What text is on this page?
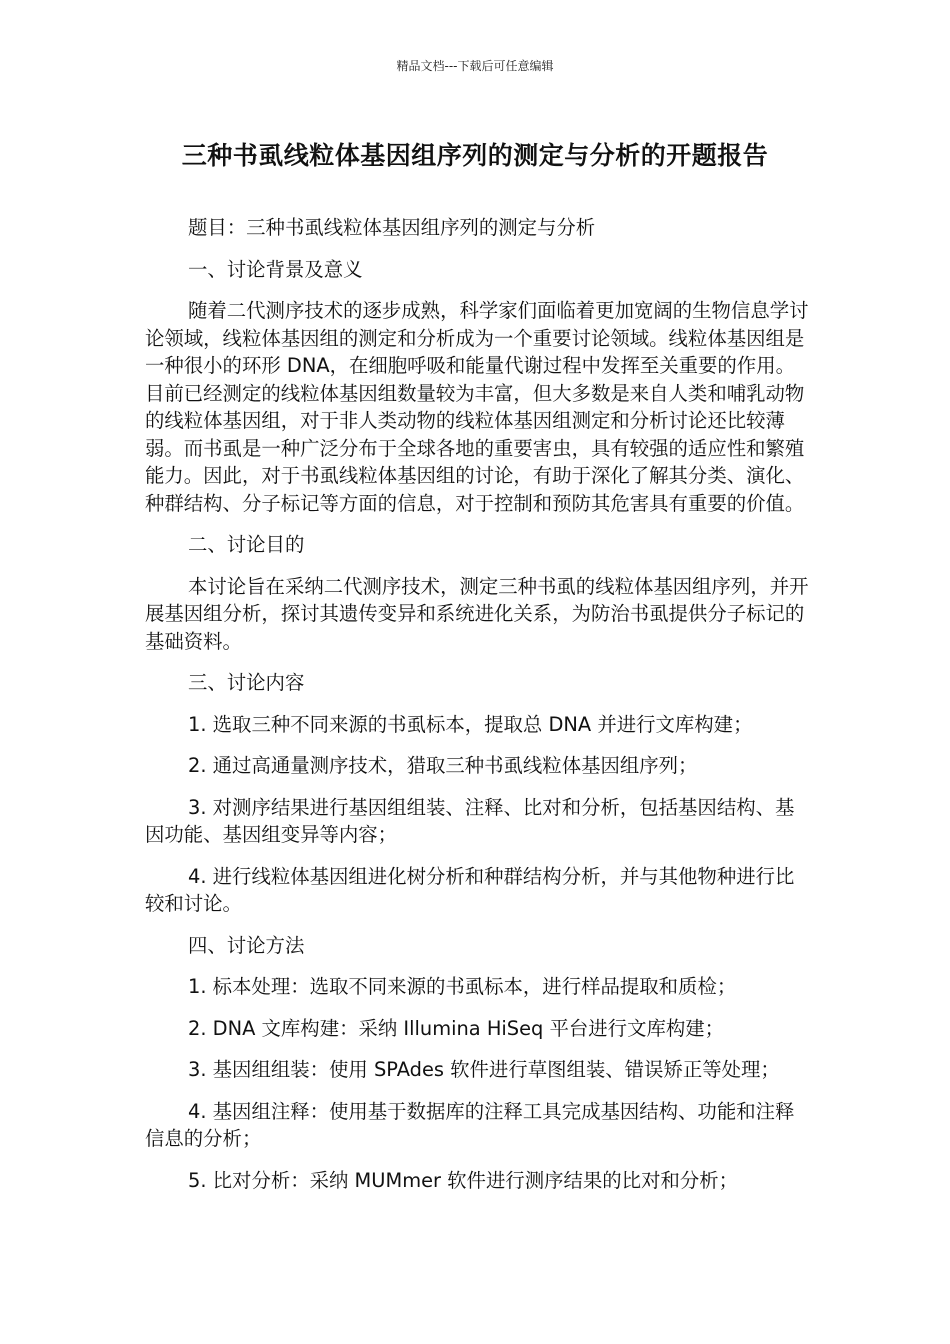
精品文档---下载后可任意编辑
三种书虱线粒体基因组序列的测定与分析的开题报告

题目：三种书虱线粒体基因组序列的测定与分析

一、讨论背景及意义

随着二代测序技术的逐步成熟，科学家们面临着更加宽阔的生物信息学讨论领域，线粒体基因组的测定和分析成为一个重要讨论领域。线粒体基因组是一种很小的环形 DNA，在细胞呼吸和能量代谢过程中发挥至关重要的作用。目前已经测定的线粒体基因组数量较为丰富，但大多数是来自人类和哺乳动物的线粒体基因组，对于非人类动物的线粒体基因组测定和分析讨论还比较薄弱。而书虱是一种广泛分布于全球各地的重要害虫，具有较强的适应性和繁殖能力。因此，对于书虱线粒体基因组的讨论，有助于深化了解其分类、演化、种群结构、分子标记等方面的信息，对于控制和预防其危害具有重要的价值。

二、讨论目的

本讨论旨在采纳二代测序技术，测定三种书虱的线粒体基因组序列，并开展基因组分析，探讨其遗传变异和系统进化关系，为防治书虱提供分子标记的基础资料。

三、讨论内容

1. 选取三种不同来源的书虱标本，提取总 DNA 并进行文库构建；

2. 通过高通量测序技术，猎取三种书虱线粒体基因组序列；

3. 对测序结果进行基因组组装、注释、比对和分析，包括基因结构、基因功能、基因组变异等内容；

4. 进行线粒体基因组进化树分析和种群结构分析，并与其他物种进行比较和讨论。

四、讨论方法

1. 标本处理：选取不同来源的书虱标本，进行样品提取和质检；

2. DNA 文库构建：采纳 Illumina HiSeq 平台进行文库构建；

3. 基因组组装：使用 SPAdes 软件进行草图组装、错误矫正等处理；

4. 基因组注释：使用基于数据库的注释工具完成基因结构、功能和注释信息的分析；

5. 比对分析：采纳 MUMmer 软件进行测序结果的比对和分析；
